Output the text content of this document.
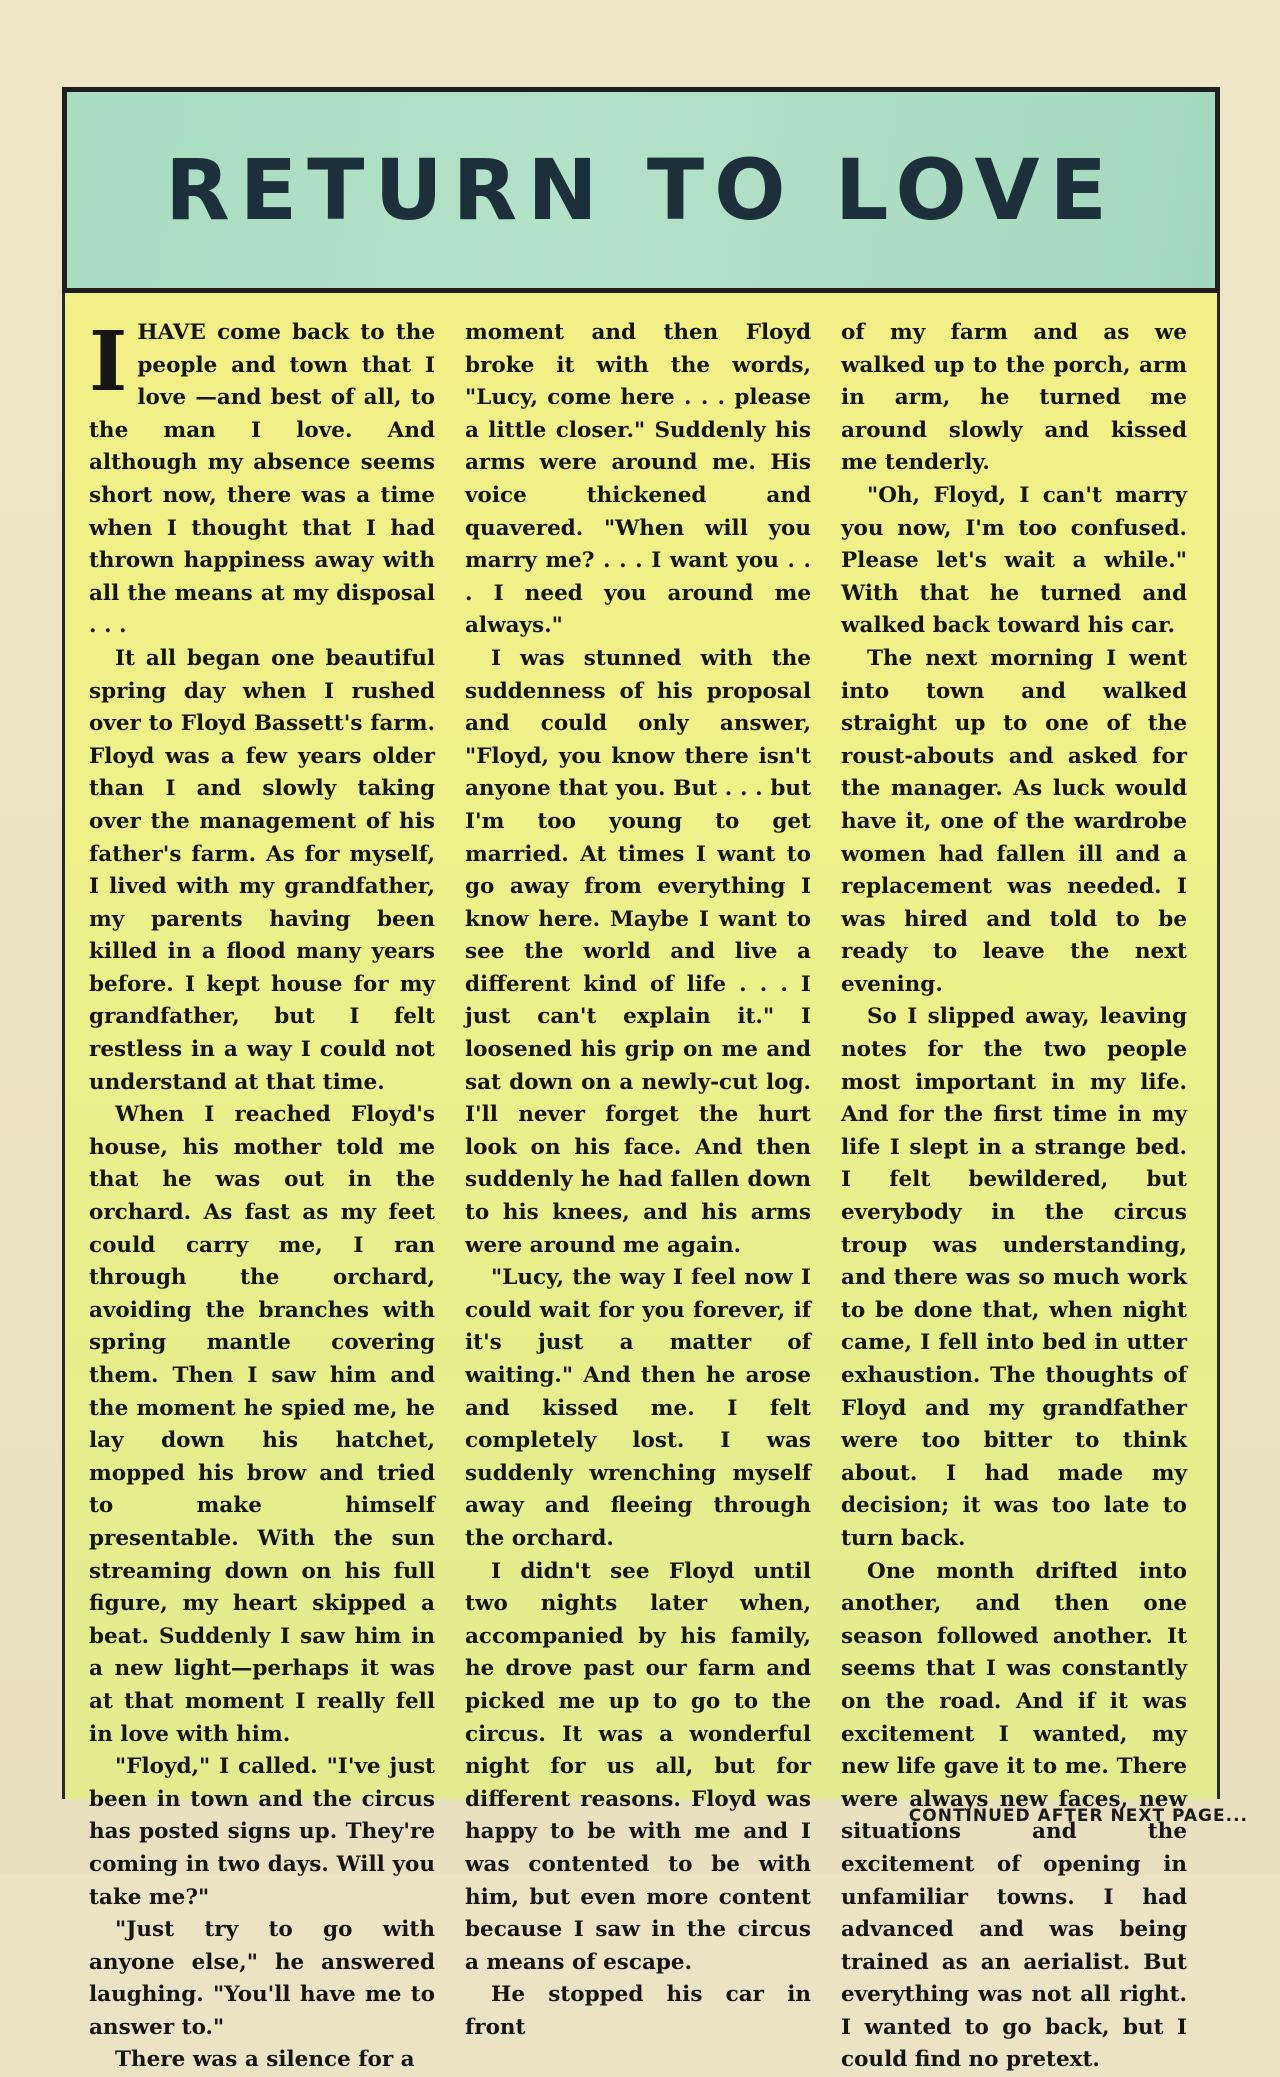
RETURN TO LOVE

IHAVE come back to the people and town that I love —and best of all, to the man I love. And although my absence seems short now, there was a time when I thought that I had thrown happiness away with all the means at my disposal . . .

It all began one beautiful spring day when I rushed over to Floyd Bassett's farm. Floyd was a few years older than I and slowly taking over the management of his father's farm. As for myself, I lived with my grandfather, my parents having been killed in a flood many years before. I kept house for my grandfather, but I felt restless in a way I could not understand at that time.

When I reached Floyd's house, his mother told me that he was out in the orchard. As fast as my feet could carry me, I ran through the orchard, avoiding the branches with spring mantle covering them. Then I saw him and the moment he spied me, he lay down his hatchet, mopped his brow and tried to make himself presentable. With the sun streaming down on his full figure, my heart skipped a beat. Suddenly I saw him in a new light—perhaps it was at that moment I really fell in love with him.

"Floyd," I called. "I've just been in town and the circus has posted signs up. They're coming in two days. Will you take me?"

"Just try to go with anyone else," he answered laughing. "You'll have me to answer to."

There was a silence for a

moment and then Floyd broke it with the words, "Lucy, come here . . . please a little closer." Suddenly his arms were around me. His voice thickened and quavered. "When will you marry me? . . . I want you . . . I need you around me always."

I was stunned with the suddenness of his proposal and could only answer, "Floyd, you know there isn't anyone that you. But . . . but I'm too young to get married. At times I want to go away from everything I know here. Maybe I want to see the world and live a different kind of life . . . I just can't explain it." I loosened his grip on me and sat down on a newly-cut log. I'll never forget the hurt look on his face. And then suddenly he had fallen down to his knees, and his arms were around me again.

"Lucy, the way I feel now I could wait for you forever, if it's just a matter of waiting." And then he arose and kissed me. I felt completely lost. I was suddenly wrenching myself away and fleeing through the orchard.

I didn't see Floyd until two nights later when, accompanied by his family, he drove past our farm and picked me up to go to the circus. It was a wonderful night for us all, but for different reasons. Floyd was happy to be with me and I was contented to be with him, but even more content because I saw in the circus a means of escape.

He stopped his car in front

of my farm and as we walked up to the porch, arm in arm, he turned me around slowly and kissed me tenderly.

"Oh, Floyd, I can't marry you now, I'm too confused. Please let's wait a while." With that he turned and walked back toward his car.

The next morning I went into town and walked straight up to one of the roust-abouts and asked for the manager. As luck would have it, one of the wardrobe women had fallen ill and a replacement was needed. I was hired and told to be ready to leave the next evening.

So I slipped away, leaving notes for the two people most important in my life. And for the first time in my life I slept in a strange bed. I felt bewildered, but everybody in the circus troup was understanding, and there was so much work to be done that, when night came, I fell into bed in utter exhaustion. The thoughts of Floyd and my grandfather were too bitter to think about. I had made my decision; it was too late to turn back.

One month drifted into another, and then one season followed another. It seems that I was constantly on the road. And if it was excitement I wanted, my new life gave it to me. There were always new faces, new situations and the excitement of opening in unfamiliar towns. I had advanced and was being trained as an aerialist. But everything was not all right. I wanted to go back, but I could find no pretext.

CONTINUED AFTER NEXT PAGE...
